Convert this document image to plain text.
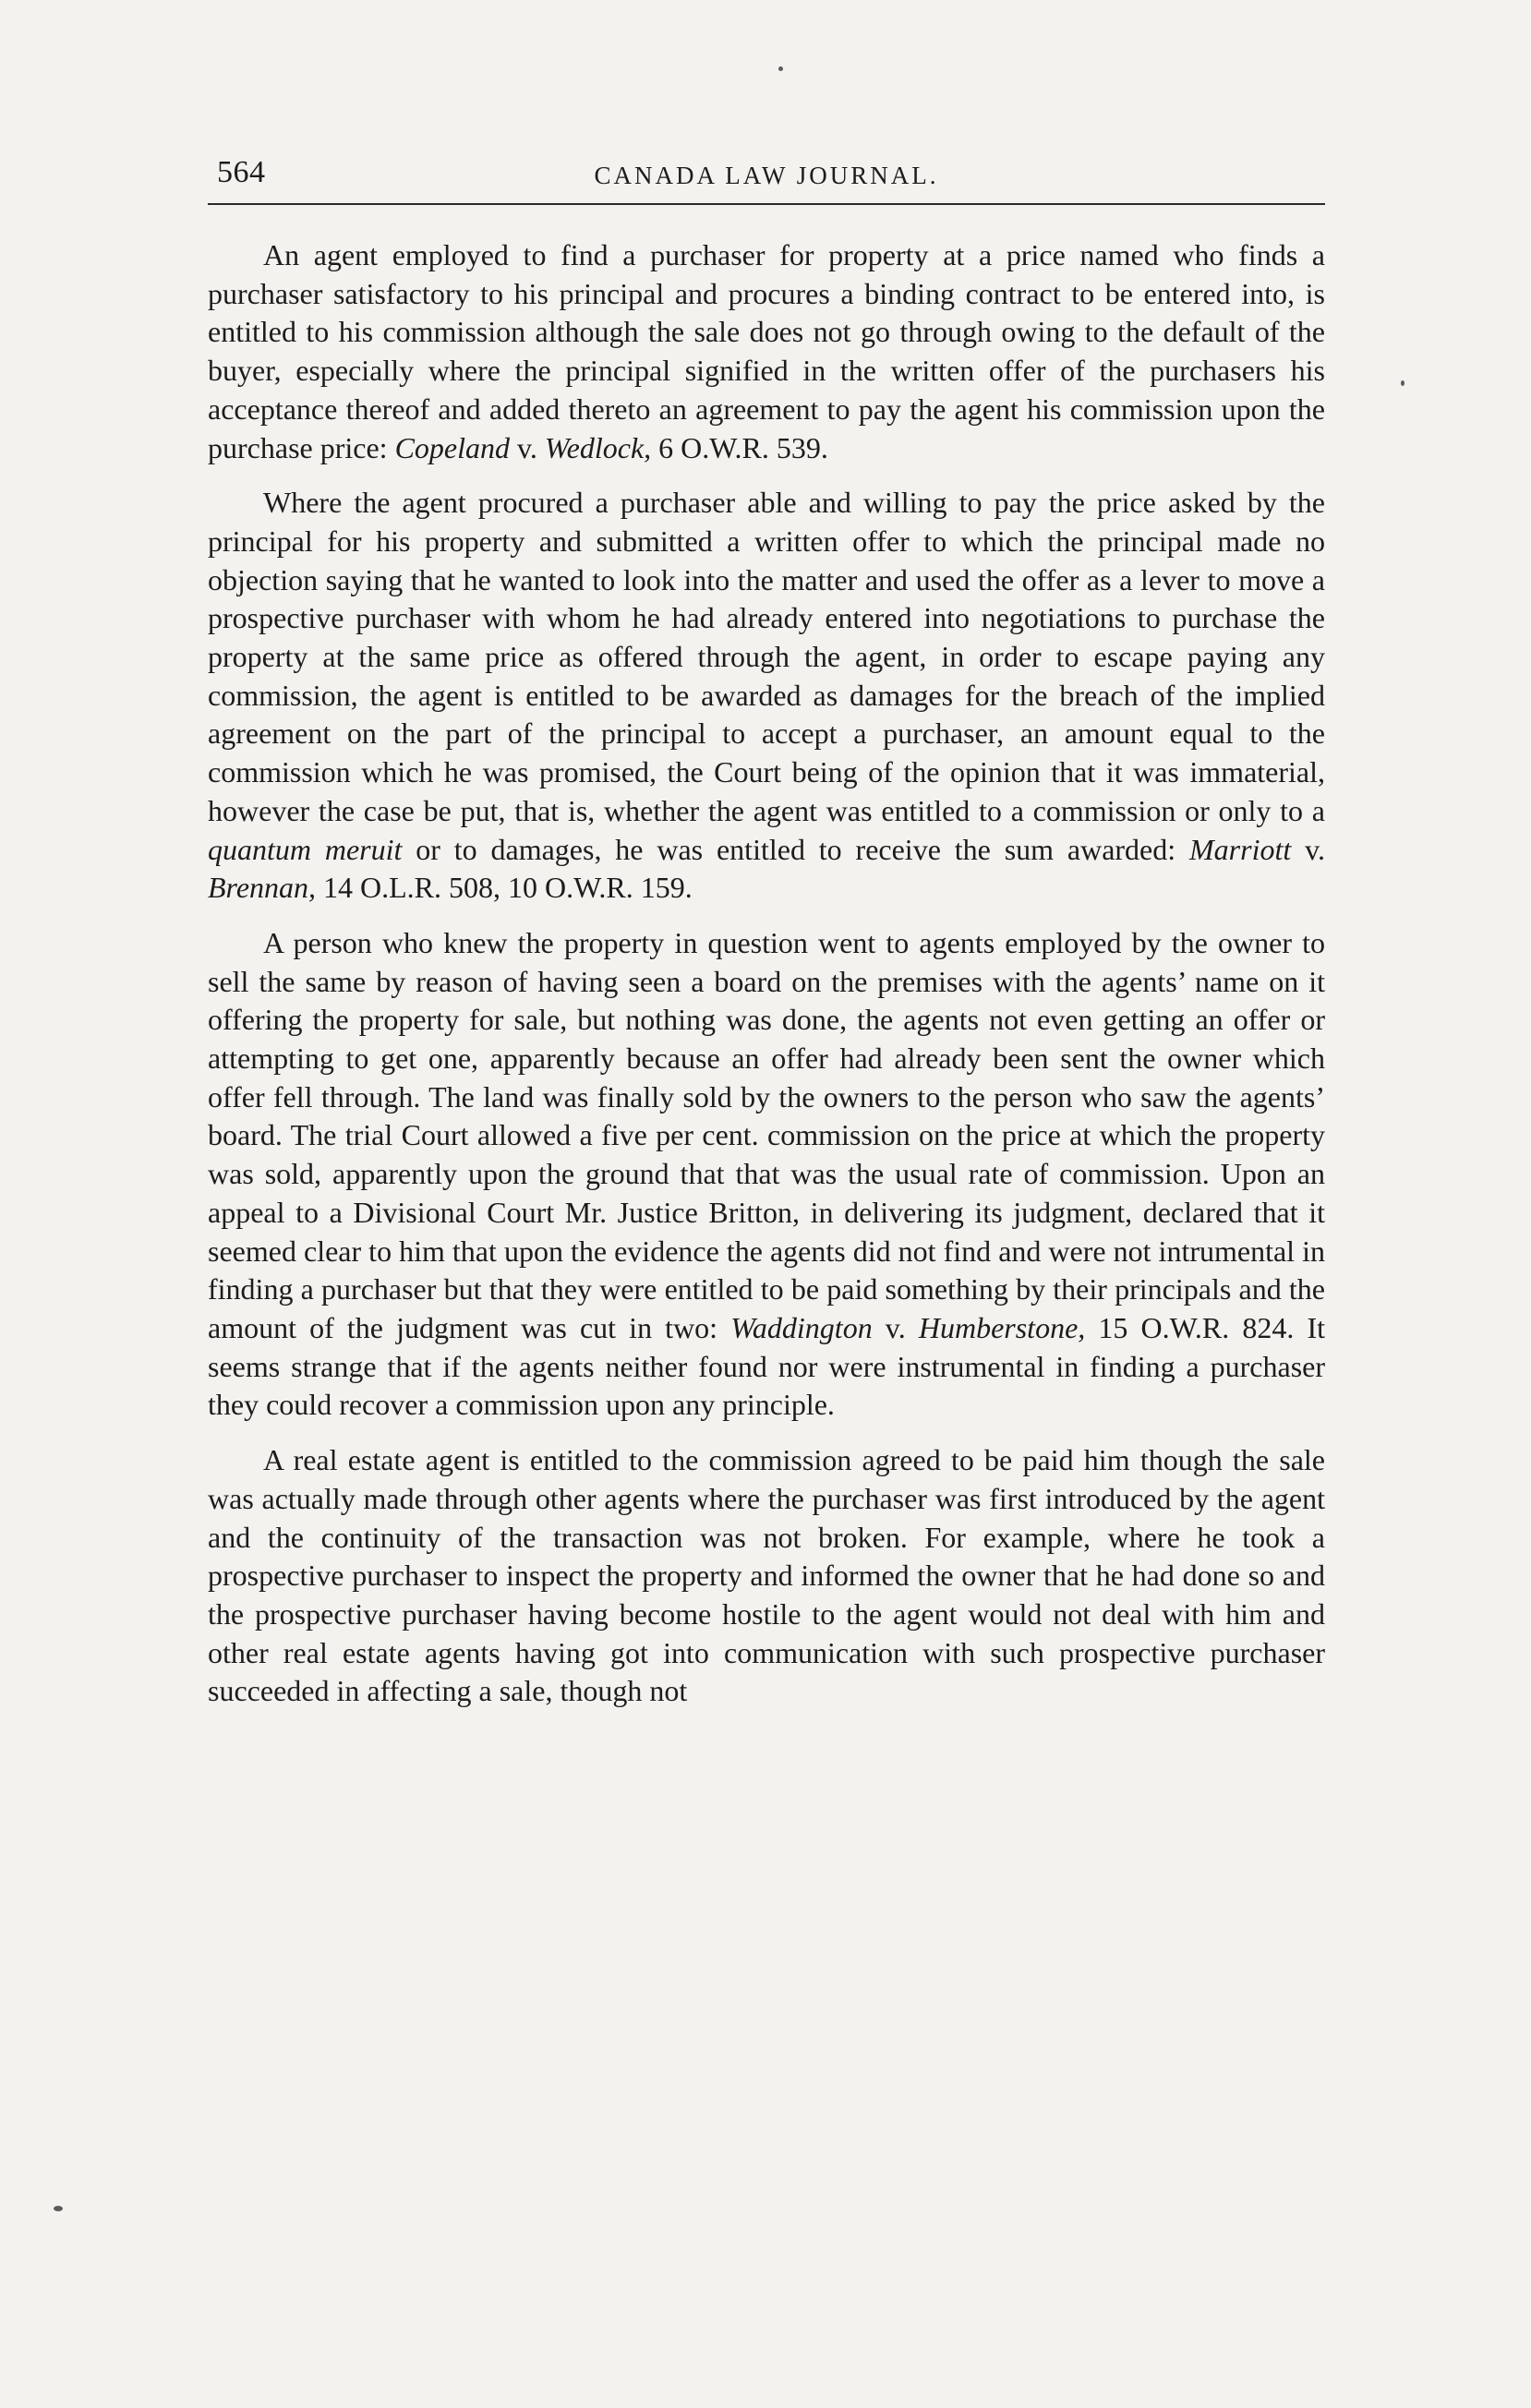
564	CANADA LAW JOURNAL.

An agent employed to find a purchaser for property at a price named who finds a purchaser satisfactory to his principal and procures a binding contract to be entered into, is entitled to his commission although the sale does not go through owing to the default of the buyer, especially where the principal signified in the written offer of the purchasers his acceptance thereof and added thereto an agreement to pay the agent his commission upon the purchase price: Copeland v. Wedlock, 6 O.W.R. 539.

Where the agent procured a purchaser able and willing to pay the price asked by the principal for his property and submitted a written offer to which the principal made no objection saying that he wanted to look into the matter and used the offer as a lever to move a prospective purchaser with whom he had already entered into negotiations to purchase the property at the same price as offered through the agent, in order to escape paying any commission, the agent is entitled to be awarded as damages for the breach of the implied agreement on the part of the principal to accept a purchaser, an amount equal to the commission which he was promised, the Court being of the opinion that it was immaterial, however the case be put, that is, whether the agent was entitled to a commission or only to a quantum meruit or to damages, he was entitled to receive the sum awarded: Marriott v. Brennan, 14 O.L.R. 508, 10 O.W.R. 159.

A person who knew the property in question went to agents employed by the owner to sell the same by reason of having seen a board on the premises with the agents’ name on it offering the property for sale, but nothing was done, the agents not even getting an offer or attempting to get one, apparently because an offer had already been sent the owner which offer fell through. The land was finally sold by the owners to the person who saw the agents’ board. The trial Court allowed a five per cent. commission on the price at which the property was sold, apparently upon the ground that that was the usual rate of commission. Upon an appeal to a Divisional Court Mr. Justice Britton, in delivering its judgment, declared that it seemed clear to him that upon the evidence the agents did not find and were not intrumental in finding a purchaser but that they were entitled to be paid something by their principals and the amount of the judgment was cut in two: Waddington v. Humberstone, 15 O.W.R. 824. It seems strange that if the agents neither found nor were instrumental in finding a purchaser they could recover a commission upon any principle.

A real estate agent is entitled to the commission agreed to be paid him though the sale was actually made through other agents where the purchaser was first introduced by the agent and the continuity of the transaction was not broken. For example, where he took a prospective purchaser to inspect the property and informed the owner that he had done so and the prospective purchaser having become hostile to the agent would not deal with him and other real estate agents having got into communication with such prospective purchaser succeeded in affecting a sale, though not
